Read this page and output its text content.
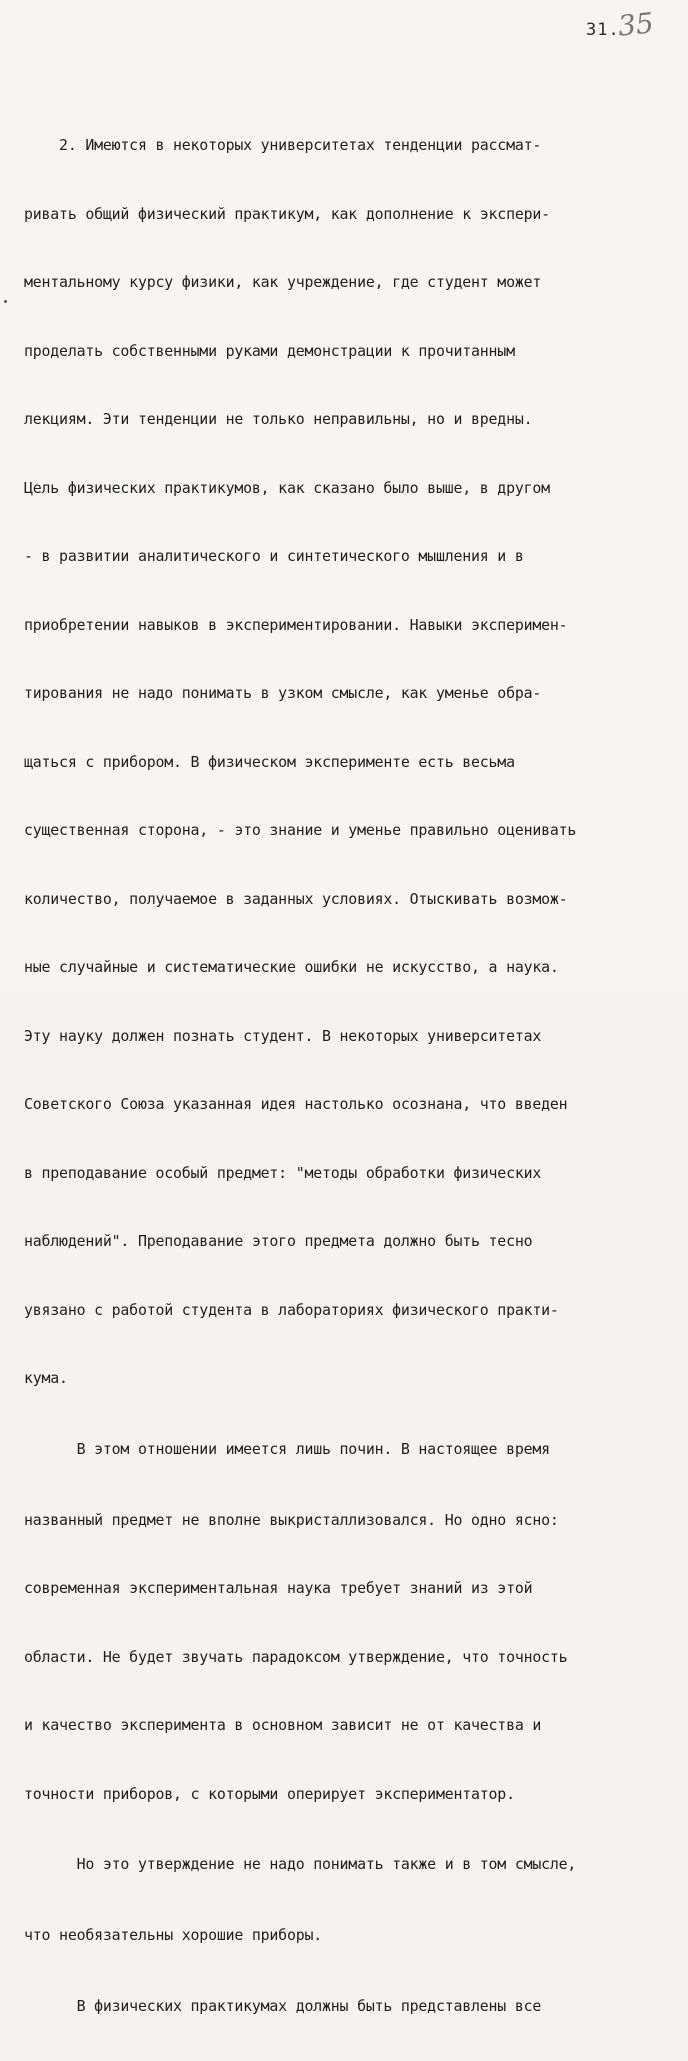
31.
35

2. Имеются в некоторых университетах тенденции рассмат-

ривать общий физический практикум, как дополнение к экспери-

ментальному курсу физики, как учреждение, где студент может

проделать собственными руками демонстрации к прочитанным

лекциям. Эти тенденции не только неправильны, но и вредны.

Цель физических практикумов, как сказано было выше, в другом

- в развитии аналитического и синтетического мышления и в

приобретении навыков в экспериментировании. Навыки эксперимен-

тирования не надо понимать в узком смысле, как уменье обра-

щаться с прибором. В физическом эксперименте есть весьма

существенная сторона, - это знание и уменье правильно оценивать

количество, получаемое в заданных условиях. Отыскивать возмож-

ные случайные и систематические ошибки не искусство, а наука.

Эту науку должен познать студент. В некоторых университетах

Советского Союза указанная идея настолько осознана, что введен

в преподавание особый предмет: "методы обработки физических

наблюдений". Преподавание этого предмета должно быть тесно

увязано с работой студента в лабораториях физического практи-

кума.

В этом отношении имеется лишь почин. В настоящее время

названный предмет не вполне выкристаллизовался. Но одно ясно:

современная экспериментальная наука требует знаний из этой

области. Не будет звучать парадоксом утверждение, что точность

и качество эксперимента в основном зависит не от качества и

точности приборов, с которыми оперирует экспериментатор.

Но это утверждение не надо понимать также и в том смысле,

что необязательны хорошие приборы.

В физических практикумах должны быть представлены все
